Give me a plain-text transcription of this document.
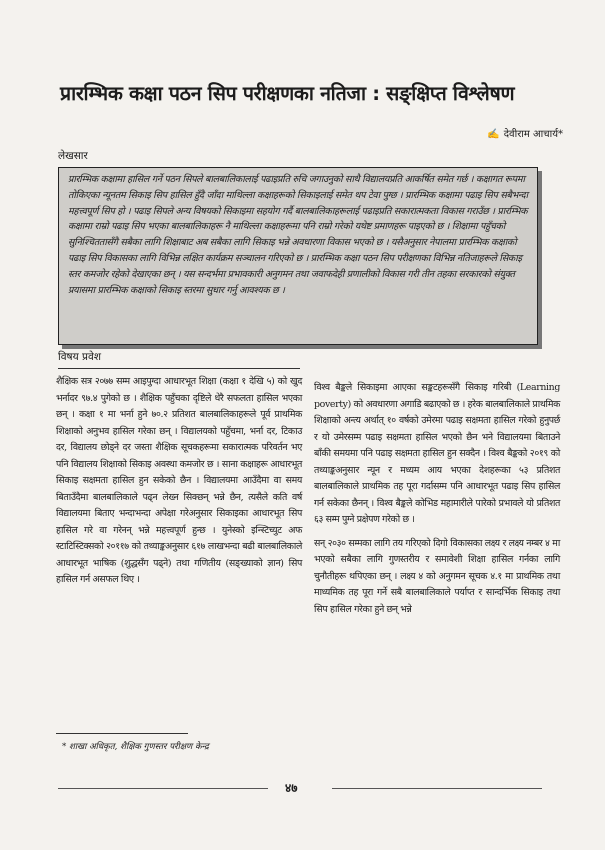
प्रारम्भिक कक्षा पठन सिप परीक्षणका नतिजा : सङ्क्षिप्त विश्लेषण
✍ देवीराम आचार्य*
लेखसार

प्रारम्भिक कक्षामा हासिल गर्ने पठन सिपले बालबालिकालाई पढाइप्रति रुचि जगाउनुको साथै विद्यालयप्रति आकर्षित समेत गर्छ । कक्षागत रूपमा तोकिएका न्यूनतम सिकाइ सिप हासिल हुँदै जाँदा माथिल्ला कक्षाहरूको सिकाइलाई समेत थप टेवा पुग्छ । प्रारम्भिक कक्षामा पढाइ सिप सबैभन्दा महत्त्वपूर्ण सिप हो । पढाइ सिपले अन्य विषयको सिकाइमा सहयोग गर्दै बालबालिकाहरूलाई पढाइप्रति सकारात्मकता विकास गराउँछ । प्रारम्भिक कक्षामा राम्रो पढाइ सिप भएका बालबालिकाहरू नै माथिल्ला कक्षाहरूमा पनि राम्रो गरेको यथेष्ट प्रमाणहरू पाइएको छ । शिक्षामा पहुँचको सुनिश्चिततासँगै सबैका लागि शिक्षाबाट अब सबैका लागि सिकाइ भन्ने अवधारणा विकास भएको छ । यसैअनुसार नेपालमा प्रारम्भिक कक्षाको पढाइ सिप विकासका लागि विभिन्न लक्षित कार्यक्रम सञ्चालन गरिएको छ । प्रारम्भिक कक्षा पठन सिप परीक्षणका विभिन्न नतिजाहरूले सिकाइ स्तर कमजोर रहेको देखाएका छन् । यस सन्दर्भमा प्रभावकारी अनुगमन तथा जवाफदेही प्रणालीको विकास गरी तीन तहका सरकारको संयुक्त प्रयासमा प्रारम्भिक कक्षाको सिकाइ स्तरमा सुधार गर्नु आवश्यक छ ।

विषय प्रवेश

शैक्षिक सत्र २०७७ सम्म आइपुग्दा आधारभूत शिक्षा (कक्षा १ देखि ५) को खुद भर्नादर ९७.४ पुगेको छ । शैक्षिक पहुँचका दृष्टिले धेरै सफलता हासिल भएका छन् । कक्षा १ मा भर्ना हुने ७०.२ प्रतिशत बालबालिकाहरूले पूर्व प्राथमिक शिक्षाको अनुभव हासिल गरेका छन् । विद्यालयको पहुँचमा, भर्ना दर, टिकाउ दर, विद्यालय छोड्ने दर जस्ता शैक्षिक सूचकहरूमा सकारात्मक परिवर्तन भए पनि विद्यालय शिक्षाको सिकाइ अवस्था कमजोर छ । साना कक्षाहरू आधारभूत सिकाइ सक्षमता हासिल हुन सकेको छैन । विद्यालयमा आउँदैमा वा समय बिताउँदैमा बालबालिकाले पढ्न लेख्न सिक्छन् भन्ने छैन, त्यसैले कति वर्ष विद्यालयमा बिताए भन्दाभन्दा अपेक्षा गरेअनुसार सिकाइका आधारभूत सिप हासिल गरे वा गरेनन् भन्ने महत्त्वपूर्ण हुन्छ । युनेस्को इन्स्टिच्युट अफ स्टाटिस्टिक्सको २०११७ को तथ्याङ्कअनुसार ६१७ लाखभन्दा बढी बालबालिकाले आधारभूत भाषिक (शुद्धसँग पढ्ने) तथा गणितीय (सङ्ख्याको ज्ञान) सिप हासिल गर्न असफल थिए ।

विश्व बैङ्कले सिकाइमा आएका सङ्कटहरूसँगै सिकाइ गरिबी (Learning poverty) को अवधारणा अगाडि बढाएको छ । हरेक बालबालिकाले प्राथमिक शिक्षाको अन्त्य अर्थात् १० वर्षको उमेरमा पढाइ सक्षमता हासिल गरेको हुनुपर्छ र यो उमेरसम्म पढाइ सक्षमता हासिल भएको छैन भने विद्यालयमा बिताउने बाँकी समयमा पनि पढाइ सक्षमता हासिल हुन सक्दैन । विश्व बैङ्कको २०१९ को तथ्याङ्कअनुसार न्यून र मध्यम आय भएका देशहरूका ५३ प्रतिशत बालबालिकाले प्राथमिक तह पूरा गर्दासम्म पनि आधारभूत पढाइ सिप हासिल गर्न सकेका छैनन् । विश्व बैङ्कले कोभिड महामारीले पारेको प्रभावले यो प्रतिशत ६३ सम्म पुग्ने प्रक्षेपण गरेको छ ।

सन् २०३० सम्मका लागि तय गरिएको दिगो विकासका लक्ष्य र लक्ष्य नम्बर ४ मा भएको सबैका लागि गुणस्तरीय र समावेशी शिक्षा हासिल गर्नका लागि चुनौतीहरू थपिएका छन् । लक्ष्य ४ को अनुगमन सूचक ४.१ मा प्राथमिक तथा माध्यमिक तह पूरा गर्ने सबै बालबालिकाले पर्याप्त र सान्दर्भिक सिकाइ तथा सिप हासिल गरेका हुने छन् भन्ने

* शाखा अधिकृत, शैक्षिक गुणस्तर परीक्षण केन्द्र
४७
